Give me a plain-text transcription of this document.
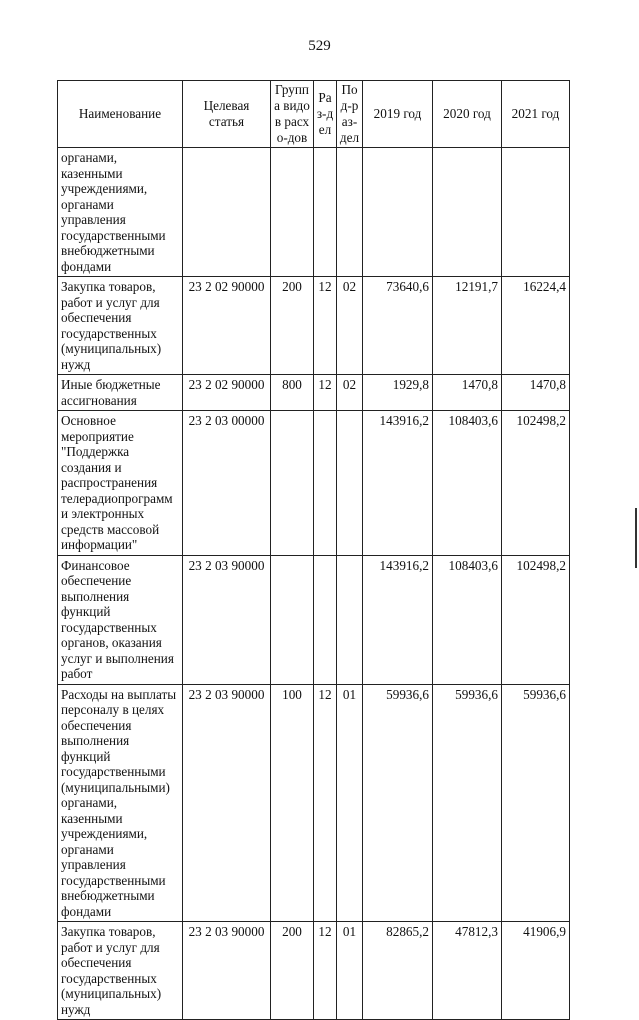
529
Наименование	Целевая статья	Группа видов расхо-дов	Раз-дел	Под-раз-дел	2019 год	2020 год	2021 год
органами, казенными учреждениями, органами управления государственными внебюджетными фондами							
Закупка товаров, работ и услуг для обеспечения государственных (муниципальных) нужд	23 2 02 90000	200	12	02	73640,6	12191,7	16224,4
Иные бюджетные ассигнования	23 2 02 90000	800	12	02	1929,8	1470,8	1470,8
Основное мероприятие "Поддержка создания и распространения телерадиопрограмм и электронных средств массовой информации"	23 2 03 00000				143916,2	108403,6	102498,2
Финансовое обеспечение выполнения функций государственных органов, оказания услуг и выполнения работ	23 2 03 90000				143916,2	108403,6	102498,2
Расходы на выплаты персоналу в целях обеспечения выполнения функций государственными (муниципальными) органами, казенными учреждениями, органами управления государственными внебюджетными фондами	23 2 03 90000	100	12	01	59936,6	59936,6	59936,6
Закупка товаров, работ и услуг для обеспечения государственных (муниципальных) нужд	23 2 03 90000	200	12	01	82865,2	47812,3	41906,9
